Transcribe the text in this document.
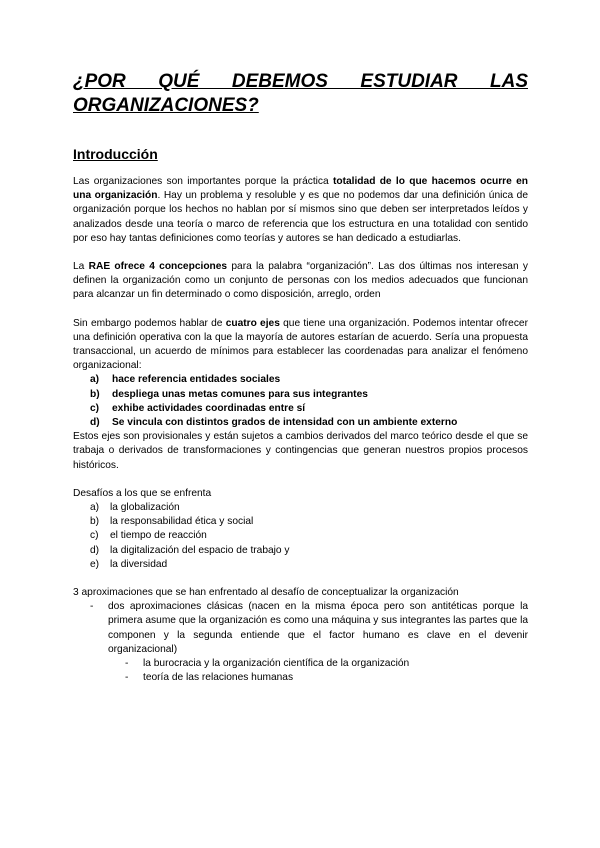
¿POR QUÉ DEBEMOS ESTUDIAR LAS ORGANIZACIONES?
Introducción

Las organizaciones son importantes porque la práctica totalidad de lo que hacemos ocurre en una organización. Hay un problema y resoluble y es que no podemos dar una definición única de organización porque los hechos no hablan por sí mismos sino que deben ser interpretados leídos y analizados desde una teoría o marco de referencia que los estructura en una totalidad con sentido por eso hay tantas definiciones como teorías y autores se han dedicado a estudiarlas.

La RAE ofrece 4 concepciones para la palabra “organización”. Las dos últimas nos interesan y definen la organización como un conjunto de personas con los medios adecuados que funcionan para alcanzar un fin determinado o como disposición, arreglo, orden

Sin embargo podemos hablar de cuatro ejes que tiene una organización. Podemos intentar ofrecer una definición operativa con la que la mayoría de autores estarían de acuerdo. Sería una propuesta transaccional, un acuerdo de mínimos para establecer las coordenadas para analizar el fenómeno organizacional:

a)	hace referencia entidades sociales
b)	despliega unas metas comunes para sus integrantes
c)	exhibe actividades coordinadas entre sí
d)	Se vincula con distintos grados de intensidad con un ambiente externo

Estos ejes son provisionales y están sujetos a cambios derivados del marco teórico desde el que se trabaja o derivados de transformaciones y contingencias que generan nuestros propios procesos históricos.

Desafíos a los que se enfrenta

a)	la globalización
b)	la responsabilidad ética y social
c)	el tiempo de reacción
d)	la digitalización del espacio de trabajo y
e)	la diversidad

3 aproximaciones que se han enfrentado al desafío de conceptualizar la organización

-	dos aproximaciones clásicas (nacen en la misma época pero son antitéticas porque la primera asume que la organización es como una máquina y sus integrantes las partes que la componen y la segunda entiende que el factor humano es clave en el devenir organizacional)
-	la burocracia y la organización científica de la organización
-	teoría de las relaciones humanas
